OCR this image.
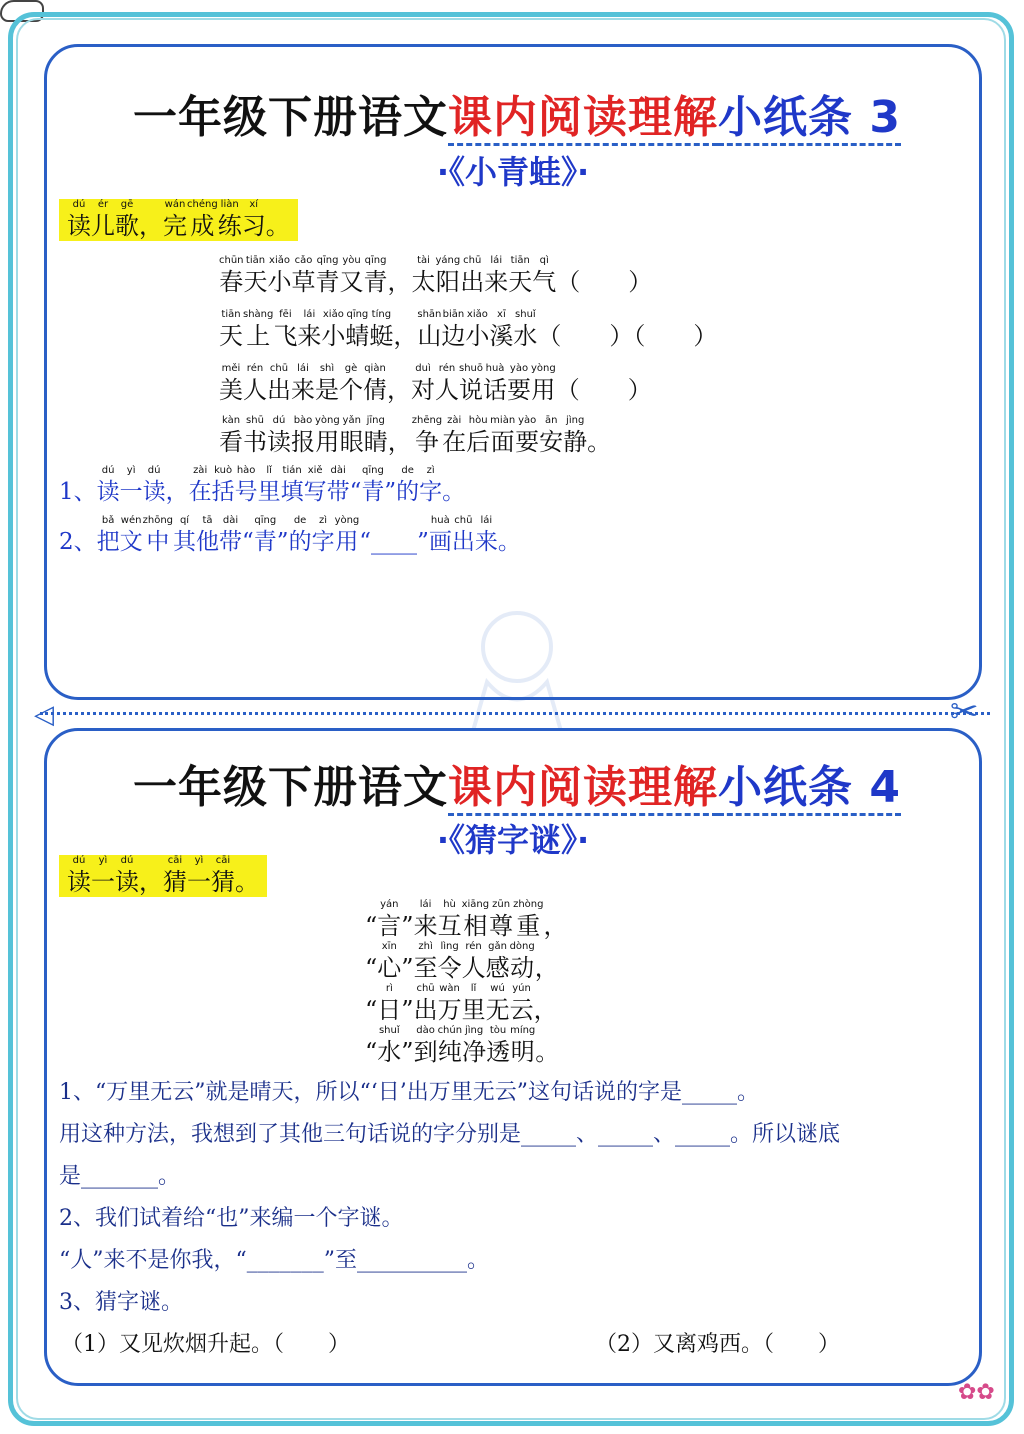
一年级下册语文课内阅读理解小纸条 3
·《小青蛙》·
dú
读
ér
儿
gē
歌
，
wán
完
chéng
成
liàn
练
xí
习
。
chūn
春
tiān
天
xiǎo
小
cǎo
草
qīng
青
yòu
又
qīng
青
，
tài
太
yáng
阳
chū
出
lái
来
tiān
天
qì
气
（　　）
tiān
天
shàng
上
fēi
飞
lái
来
xiǎo
小
qīng
蜻
tíng
蜓
，
shān
山
biān
边
xiǎo
小
xī
溪
shuǐ
水
（　　）（　　）
měi
美
rén
人
chū
出
lái
来
shì
是
gè
个
qiàn
倩
，
duì
对
rén
人
shuō
说
huà
话
yào
要
yòng
用
（　　）
kàn
看
shū
书
dú
读
bào
报
yòng
用
yǎn
眼
jīng
睛
，
zhēng
争
zài
在
hòu
后
miàn
面
yào
要
ān
安
jìng
静
。

1、
dú
读
yì
一
dú
读
，
zài
在
kuò
括
hào
号
lǐ
里
tián
填
xiě
写
dài
带
“
qīng
青
”
de
的
zì
字
。

2、
bǎ
把
wén
文
zhōng
中
qí
其
tā
他
dài
带
“
qīng
青
”
de
的
zì
字
yòng
用
“____
”
huà
画
chū
出
lái
来
。
◁	✂
一年级下册语文课内阅读理解小纸条 4
·《猜字谜》·
dú
读
yì
一
dú
读
，
cāi
猜
yì
一
cāi
猜
。

“
yán
言
”
lái
来
hù
互
xiāng
相
zūn
尊
zhòng
重
，

“
xīn
心
”
zhì
至
lìng
令
rén
人
gǎn
感
dòng
动
，

“
rì
日
”
chū
出
wàn
万
lǐ
里
wú
无
yún
云
，

“
shuǐ
水
”
dào
到
chún
纯
jìng
净
tòu
透
míng
明
。
1、“万里无云”就是晴天，所以“‘日’出万里无云”这句话说的字是_____。
用这种方法，我想到了其他三句话说的字分别是_____、_____、_____。所以谜底
是_______。
2、我们试着给“也”来编一个字谜。
“人”来不是你我，“_______”至__________。
3、猜字谜。
（1）又见炊烟升起。（　　）	（2）又离鸡西。（　　）
✿✿
